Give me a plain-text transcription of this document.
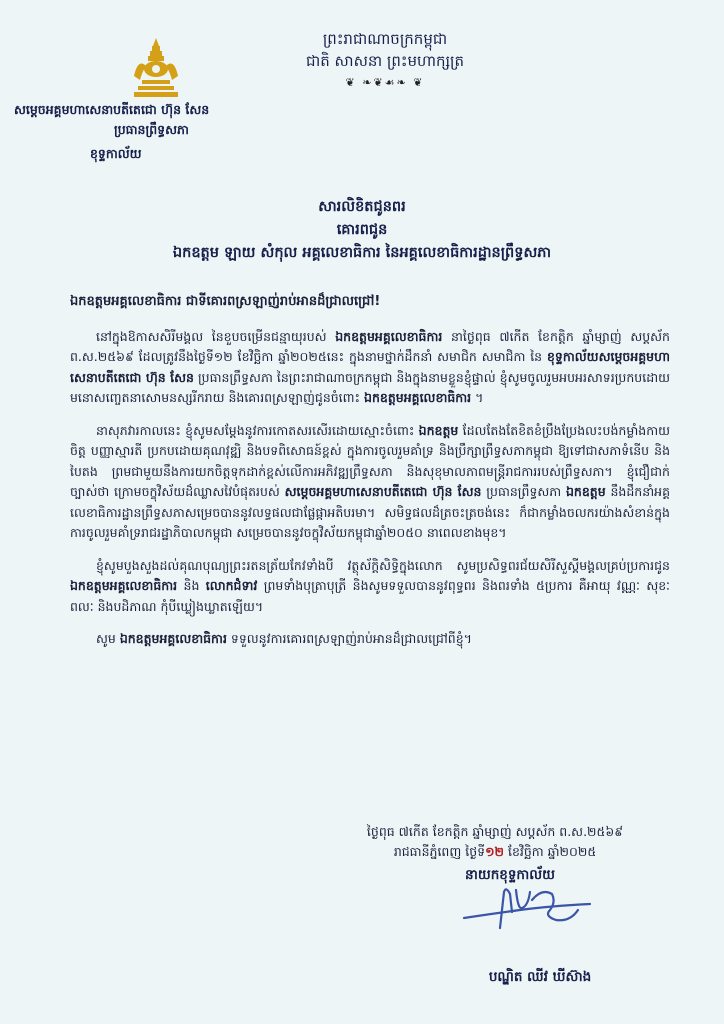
ព្រះរាជាណាចក្រកម្ពុជា
ជាតិ សាសនា ព្រះមហាក្សត្រ
❦ ❧❦☙❧ ❦
សម្ដេចអគ្គមហាសេនាបតីតេជោ ហ៊ុន សែន
ប្រធានព្រឹទ្ធសភា
ខុទ្ទកាល័យ
សារលិខិតជូនពរ
គោរពជូន
ឯកឧត្តម ឡាយ សំកុល អគ្គលេខាធិការ នៃអគ្គលេខាធិការដ្ឋានព្រឹទ្ធសភា

ឯកឧត្តមអគ្គលេខាធិការ ជាទីគោរពស្រឡាញ់រាប់អានដ៏ជ្រាលជ្រៅ!

នៅក្នុងឱកាសសិរីមង្គល នៃខួបចម្រើនជន្មាយុរបស់ ឯកឧត្តមអគ្គលេខាធិការ នាថ្ងៃពុធ ៧កើត ខែកត្តិក ឆ្នាំម្សាញ់ សប្តស័ក ព.ស.២៥៦៩ ដែលត្រូវនឹងថ្ងៃទី១២ ខែវិច្ឆិកា ឆ្នាំ២០២៥នេះ ក្នុងនាមថ្នាក់ដឹកនាំ សមាជិក សមាជិកា នៃ ខុទ្ទកាល័យសម្ដេចអគ្គមហាសេនាបតីតេជោ ហ៊ុន សែន ប្រធានព្រឹទ្ធសភា នៃព្រះរាជាណាចក្រកម្ពុជា និងក្នុងនាមខ្លួនខ្ញុំផ្ទាល់ ខ្ញុំសូមចូលរួមអបអរសាទរប្រកបដោយមនោសញ្ចេតនាសោមនស្សរីករាយ និងគោរពស្រឡាញ់ជូនចំពោះ ឯកឧត្តមអគ្គលេខាធិការ ។

នាសុភវារកាលនេះ ខ្ញុំសូមសម្ដែងនូវការកោតសរសើរដោយស្មោះចំពោះ ឯកឧត្តម ដែលតែងតែខិតខំប្រឹងប្រែងលះបង់កម្លាំងកាយចិត្ត បញ្ញាស្មារតី ប្រកបដោយគុណវុឌ្ឍិ និងបទពិសោធន៍ខ្ពស់ ក្នុងការចូលរួមគាំទ្រ និងប្រឹក្សាព្រឹទ្ធសភាកម្ពុជា ឱ្យទៅជាសភាទំនើប និងបៃតង ព្រមជាមួយនឹងការយកចិត្តទុកដាក់ខ្ពស់លើការអភិវឌ្ឍព្រឹទ្ធសភា និងសុខុមាលភាពមន្ត្រីរាជការរបស់ព្រឹទ្ធសភា។ ខ្ញុំជឿជាក់ច្បាស់ថា ក្រោមចក្ខុវិស័យដ៏ឈ្លាសវៃបំផុតរបស់ សម្ដេចអគ្គមហាសេនាបតីតេជោ ហ៊ុន សែន ប្រធានព្រឹទ្ធសភា ឯកឧត្តម នឹងដឹកនាំអគ្គលេខាធិការដ្ឋានព្រឹទ្ធសភាសម្រេចបាននូវលទ្ធផលជាផ្លែផ្កាអតិបរមា។ សមិទ្ធផលដ៏ត្រចះត្រចង់នេះ ក៏ជាកម្លាំងចលករយ៉ាងសំខាន់ក្នុងការចូលរួមគាំទ្ររាជរដ្ឋាភិបាលកម្ពុជា សម្រេចបាននូវចក្ខុវិស័យកម្ពុជាឆ្នាំ២០៥០ នាពេលខាងមុខ។

ខ្ញុំសូមបួងសួងដល់គុណបុណ្យព្រះរតនត្រ័យកែវទាំងបី វត្ថុស័ក្ដិសិទ្ធិក្នុងលោក សូមប្រសិទ្ធពរជ័យសិរីសួស្ដីមង្គលគ្រប់ប្រការជូន ឯកឧត្តមអគ្គលេខាធិការ និង លោកជំទាវ ព្រមទាំងបុត្រាបុត្រី និងសូមទទួលបាននូវពុទ្ធពរ និងពរទាំង ៥ប្រការ គឺអាយុ វណ្ណៈ សុខៈ ពលៈ និងបដិភាណ កុំបីឃ្លៀងឃ្លាតឡើយ។

សូម ឯកឧត្តមអគ្គលេខាធិការ ទទួលនូវការគោរពស្រឡាញ់រាប់អានដ៏ជ្រាលជ្រៅពីខ្ញុំ។

ថ្ងៃពុធ ៧កើត ខែកត្តិក ឆ្នាំម្សាញ់ សប្តស័ក ព.ស.២៥៦៩
រាជធានីភ្នំពេញ ថ្ងៃទី១២ ខែវិច្ឆិកា ឆ្នាំ២០២៥
នាយកខុទ្ទកាល័យ
បណ្ឌិត ឈីវ ឃីស៊ាង
